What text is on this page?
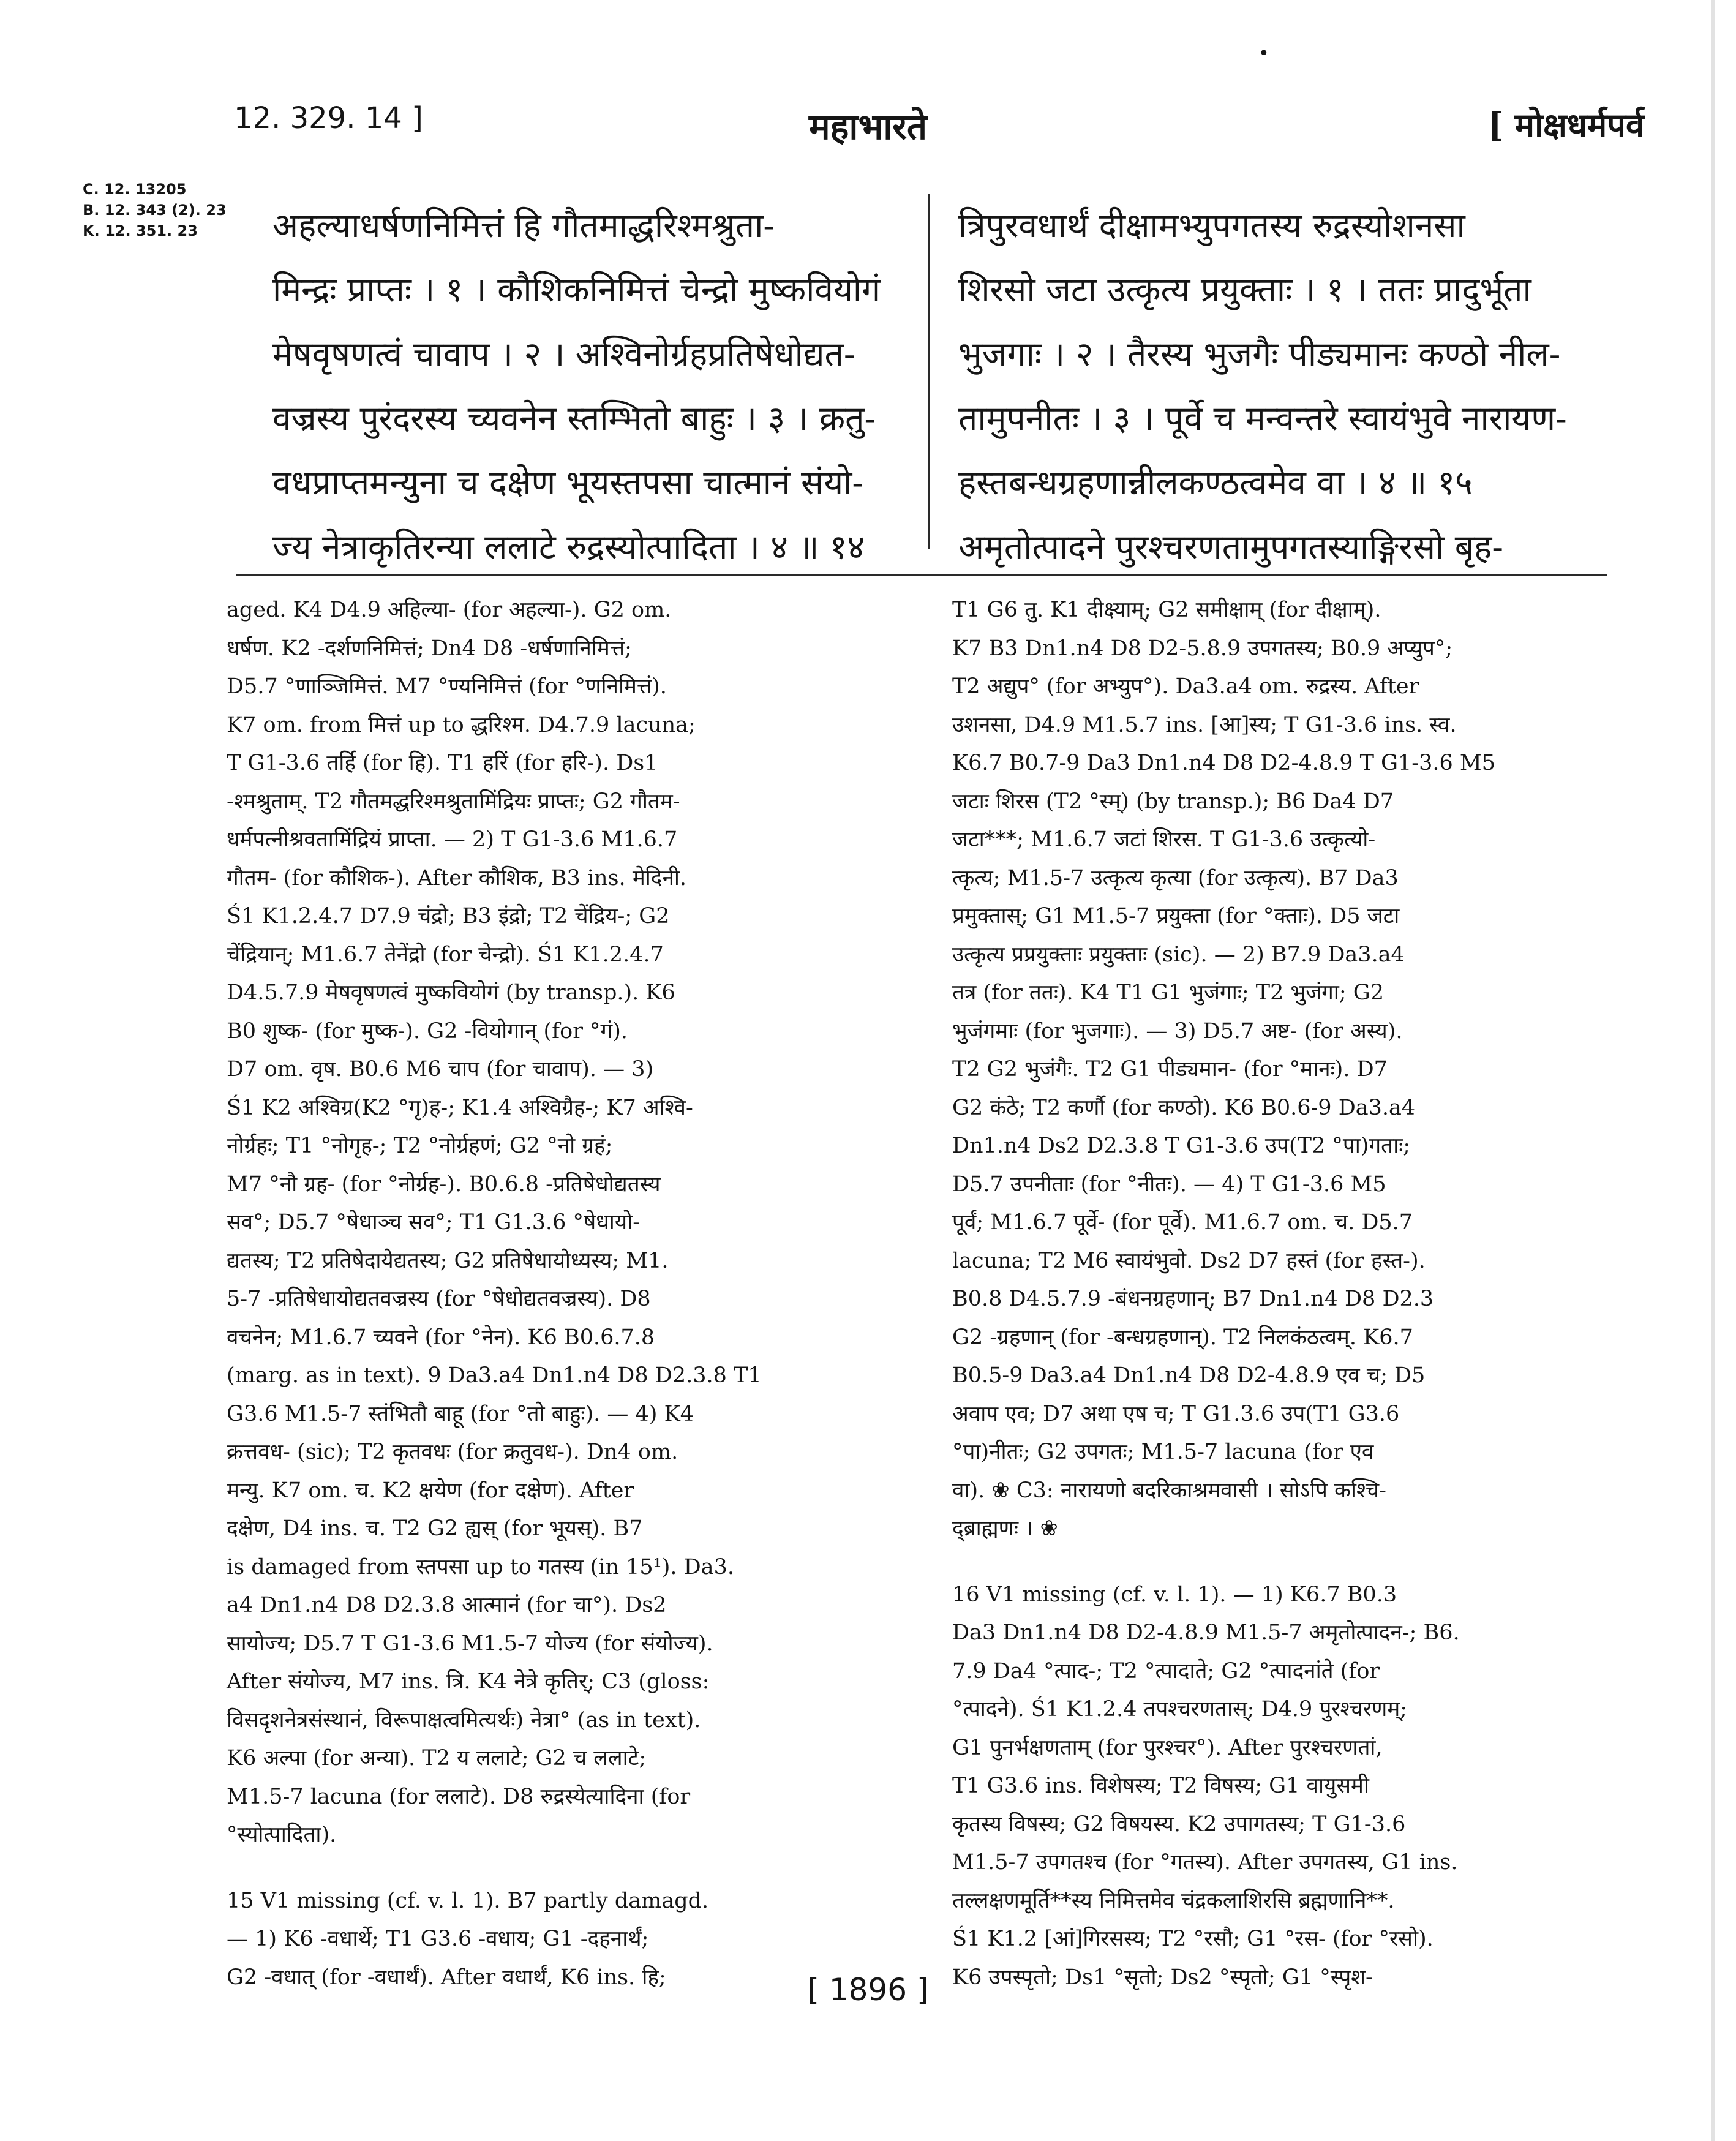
•
12. 329. 14 ]	महाभारते	[ मोक्षधर्मपर्व
C. 12. 13205
B. 12. 343 (2). 23
K. 12. 351. 23	अहल्याधर्षणनिमित्तं हि गौतमाद्धरिश्मश्रुता-
मिन्द्रः प्राप्तः । १ । कौशिकनिमित्तं चेन्द्रो मुष्कवियोगं
मेषवृषणत्वं चावाप । २ । अश्विनोर्ग्रहप्रतिषेधोद्यत-
वज्रस्य पुरंदरस्य च्यवनेन स्तम्भितो बाहुः । ३ । क्रतु-
वधप्राप्तमन्युना च दक्षेण भूयस्तपसा चात्मानं संयो-
ज्य नेत्राकृतिरन्या ललाटे रुद्रस्योत्पादिता । ४ ॥ १४
त्रिपुरवधार्थं दीक्षामभ्युपगतस्य रुद्रस्योशनसा
शिरसो जटा उत्कृत्य प्रयुक्ताः । १ । ततः प्रादुर्भूता
भुजगाः । २ । तैरस्य भुजगैः पीड्यमानः कण्ठो नील-
तामुपनीतः । ३ । पूर्वे च मन्वन्तरे स्वायंभुवे नारायण-
हस्तबन्धग्रहणान्नीलकण्ठत्वमेव वा । ४ ॥ १५
अमृतोत्पादने पुरश्चरणतामुपगतस्याङ्गिरसो बृह-
aged. K4 D4.9 अहिल्या- (for अहल्या-). G2 om.
धर्षण. K2 -दर्शणनिमित्तं; Dn4 D8 -धर्षणानिमित्तं;
D5.7 °णाञ्जिमित्तं. M7 °ण्यनिमित्तं (for °णनिमित्तं).
K7 om. from मित्तं up to द्धरिश्म. D4.7.9 lacuna;
T G1-3.6 तर्हि (for हि). T1 हरिं (for हरि-). Ds1
-श्मश्रुताम्. T2 गौतमद्धरिश्मश्रुतामिंद्रियः प्राप्तः; G2 गौतम-
धर्मपत्नीश्रवतामिंद्रियं प्राप्ता. — 2) T G1-3.6 M1.6.7
गौतम- (for कौशिक-). After कौशिक, B3 ins. मेदिनी.
Ś1 K1.2.4.7 D7.9 चंद्रो; B3 इंद्रो; T2 चेंद्रिय-; G2
चेंद्रियान्; M1.6.7 तेनेंद्रो (for चेन्द्रो). Ś1 K1.2.4.7
D4.5.7.9 मेषवृषणत्वं मुष्कवियोगं (by transp.). K6
B0 शुष्क- (for मुष्क-). G2 -वियोगान् (for °गं).
D7 om. वृष. B0.6 M6 चाप (for चावाप). — 3)
Ś1 K2 अश्विग्र(K2 °गृ)ह-; K1.4 अश्विग्रैह-; K7 अश्वि-
नोर्ग्रहः; T1 °नोगृह-; T2 °नोर्ग्रहणं; G2 °नो ग्रहं;
M7 °नौ ग्रह- (for °नोर्ग्रह-). B0.6.8 -प्रतिषेधोद्यतस्य
सव°; D5.7 °षेधाञ्च सव°; T1 G1.3.6 °षेधायो-
द्यतस्य; T2 प्रतिषेदायेद्यतस्य; G2 प्रतिषेधायोध्यस्य; M1.
5-7 -प्रतिषेधायोद्यतवज्रस्य (for °षेधोद्यतवज्रस्य). D8
वचनेन; M1.6.7 च्यवने (for °नेन). K6 B0.6.7.8
(marg. as in text). 9 Da3.a4 Dn1.n4 D8 D2.3.8 T1
G3.6 M1.5-7 स्तंभितौ बाहू (for °तो बाहुः). — 4) K4
क्रत्तवध- (sic); T2 कृतवधः (for क्रतुवध-). Dn4 om.
मन्यु. K7 om. च. K2 क्षयेण (for दक्षेण). After
दक्षेण, D4 ins. च. T2 G2 ह्यस् (for भूयस्). B7
is damaged from स्तपसा up to गतस्य (in 15¹). Da3.
a4 Dn1.n4 D8 D2.3.8 आत्मानं (for चा°). Ds2
सायोज्य; D5.7 T G1-3.6 M1.5-7 योज्य (for संयोज्य).
After संयोज्य, M7 ins. त्रि. K4 नेत्रे कृतिर्; C3 (gloss:
विसदृशनेत्रसंस्थानं, विरूपाक्षत्वमित्यर्थः) नेत्रा° (as in text).
K6 अल्पा (for अन्या). T2 य ललाटे; G2 च ललाटे;
M1.5-7 lacuna (for ललाटे). D8 रुद्रस्येत्यादिना (for
°स्योत्पादिता).
15 V1 missing (cf. v. l. 1). B7 partly damagd.
— 1) K6 -वधार्थे; T1 G3.6 -वधाय; G1 -दहनार्थं;
G2 -वधात् (for -वधार्थं). After वधार्थं, K6 ins. हि;
T1 G6 तु. K1 दीक्ष्याम्; G2 समीक्षाम् (for दीक्षाम्).
K7 B3 Dn1.n4 D8 D2-5.8.9 उपगतस्य; B0.9 अप्युप°;
T2 अद्युप° (for अभ्युप°). Da3.a4 om. रुद्रस्य. After
उशनसा, D4.9 M1.5.7 ins. [आ]स्य; T G1-3.6 ins. स्व.
K6.7 B0.7-9 Da3 Dn1.n4 D8 D2-4.8.9 T G1-3.6 M5
जटाः शिरस (T2 °स्म्) (by transp.); B6 Da4 D7
जटा***; M1.6.7 जटां शिरस. T G1-3.6 उत्कृत्यो-
त्कृत्य; M1.5-7 उत्कृत्य कृत्या (for उत्कृत्य). B7 Da3
प्रमुक्तास्; G1 M1.5-7 प्रयुक्ता (for °क्ताः). D5 जटा
उत्कृत्य प्रप्रयुक्ताः प्रयुक्ताः (sic). — 2) B7.9 Da3.a4
तत्र (for ततः). K4 T1 G1 भुजंगाः; T2 भुजंगा; G2
भुजंगमाः (for भुजगाः). — 3) D5.7 अष्ट- (for अस्य).
T2 G2 भुजंगैः. T2 G1 पीड्यमान- (for °मानः). D7
G2 कंठे; T2 कर्णौ (for कण्ठो). K6 B0.6-9 Da3.a4
Dn1.n4 Ds2 D2.3.8 T G1-3.6 उप(T2 °पा)गताः;
D5.7 उपनीताः (for °नीतः). — 4) T G1-3.6 M5
पूर्वं; M1.6.7 पूर्वे- (for पूर्वे). M1.6.7 om. च. D5.7
lacuna; T2 M6 स्वायंभुवो. Ds2 D7 हस्तं (for हस्त-).
B0.8 D4.5.7.9 -बंधनग्रहणान्; B7 Dn1.n4 D8 D2.3
G2 -ग्रहणान् (for -बन्धग्रहणान्). T2 निलकंठत्वम्. K6.7
B0.5-9 Da3.a4 Dn1.n4 D8 D2-4.8.9 एव च; D5
अवाप एव; D7 अथा एष च; T G1.3.6 उप(T1 G3.6
°पा)नीतः; G2 उपगतः; M1.5-7 lacuna (for एव
वा). ❀ C3: नारायणो बदरिकाश्रमवासी । सोऽपि कश्चि-
द्ब्राह्मणः । ❀
16 V1 missing (cf. v. l. 1). — 1) K6.7 B0.3
Da3 Dn1.n4 D8 D2-4.8.9 M1.5-7 अमृतोत्पादन-; B6.
7.9 Da4 °त्पाद-; T2 °त्पादाते; G2 °त्पादनांते (for
°त्पादने). Ś1 K1.2.4 तपश्चरणतास्; D4.9 पुरश्चरणम्;
G1 पुनर्भक्षणताम् (for पुरश्चर°). After पुरश्चरणतां,
T1 G3.6 ins. विशेषस्य; T2 विषस्य; G1 वायुसमी
कृतस्य विषस्य; G2 विषयस्य. K2 उपागतस्य; T G1-3.6
M1.5-7 उपगतश्च (for °गतस्य). After उपगतस्य, G1 ins.
तल्लक्षणमूर्ति**स्य निमित्तमेव चंद्रकलाशिरसि ब्रह्मणानि**.
Ś1 K1.2 [आं]गिरसस्य; T2 °रसौ; G1 °रस- (for °रसो).
K6 उपस्पृतो; Ds1 °सृतो; Ds2 °स्पृतो; G1 °स्पृश-
[ 1896 ]
